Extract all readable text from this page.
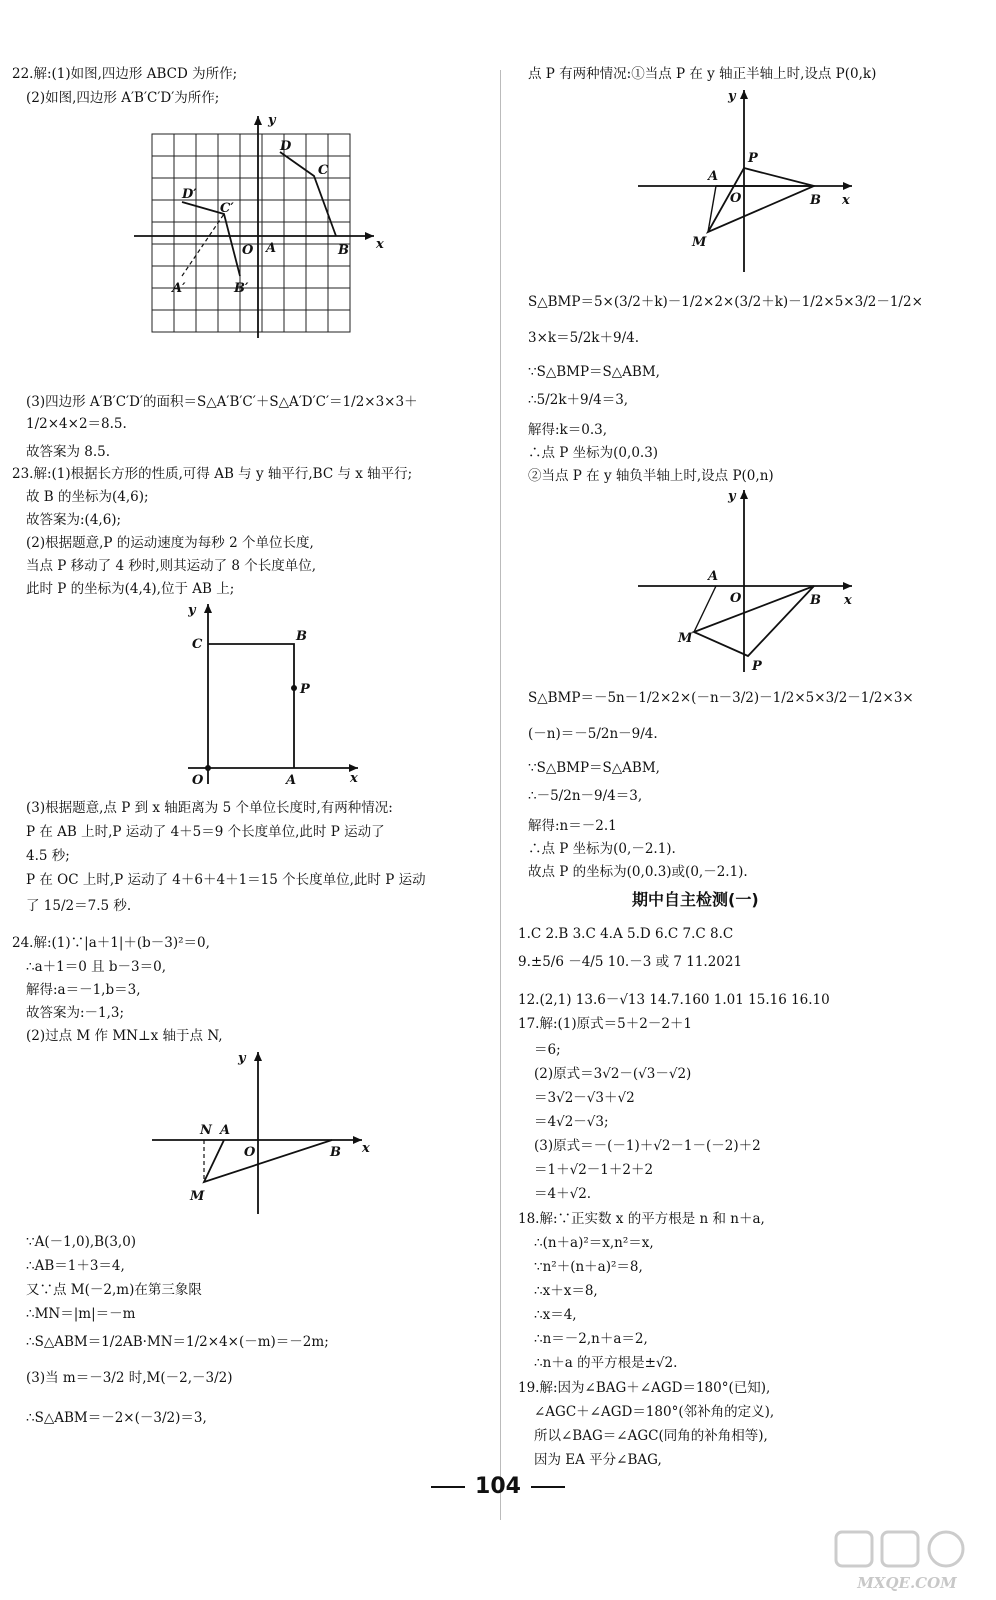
22.解:(1)如图,四边形 ABCD 为所作;
(2)如图,四边形 A′B′C′D′为所作;
y
D
C
D′
C′
O A	B x
A′	B′
(3)四边形 A′B′C′D′的面积＝S△A′B′C′＋S△A′D′C′＝1/2×3×3＋
1/2×4×2＝8.5.
故答案为 8.5.
23.解:(1)根据长方形的性质,可得 AB 与 y 轴平行,BC 与 x 轴平行;
故 B 的坐标为(4,6);
故答案为:(4,6);
(2)根据题意,P 的运动速度为每秒 2 个单位长度,
当点 P 移动了 4 秒时,则其运动了 8 个长度单位,
此时 P 的坐标为(4,4),位于 AB 上;
y
C
B
P
O	A	x
(3)根据题意,点 P 到 x 轴距离为 5 个单位长度时,有两种情况:
P 在 AB 上时,P 运动了 4＋5＝9 个长度单位,此时 P 运动了
4.5 秒;
P 在 OC 上时,P 运动了 4＋6＋4＋1＝15 个长度单位,此时 P 运动
了 15/2＝7.5 秒.
24.解:(1)∵|a＋1|＋(b－3)²＝0,
∴a＋1＝0 且 b－3＝0,
解得:a＝－1,b＝3,
故答案为:－1,3;
(2)过点 M 作 MN⊥x 轴于点 N,
y
N A
O	B x
M
∵A(－1,0),B(3,0)
∴AB＝1＋3＝4,
又∵点 M(－2,m)在第三象限
∴MN＝|m|＝－m
∴S△ABM＝1/2AB·MN＝1/2×4×(－m)＝－2m;
(3)当 m＝－3/2 时,M(－2,－3/2)
∴S△ABM＝－2×(－3/2)＝3,
点 P 有两种情况:①当点 P 在 y 轴正半轴上时,设点 P(0,k)
y
P
A
O	B x
M
S△BMP＝5×(3/2＋k)－1/2×2×(3/2＋k)－1/2×5×3/2－1/2×
3×k＝5/2k＋9/4.
∵S△BMP＝S△ABM,
∴5/2k＋9/4＝3,
解得:k＝0.3,
∴点 P 坐标为(0,0.3)
②当点 P 在 y 轴负半轴上时,设点 P(0,n)
y
A
O	B x
M
P
S△BMP＝－5n－1/2×2×(－n－3/2)－1/2×5×3/2－1/2×3×
(－n)＝－5/2n－9/4.
∵S△BMP＝S△ABM,
∴－5/2n－9/4＝3,
解得:n＝－2.1
∴点 P 坐标为(0,－2.1).
故点 P 的坐标为(0,0.3)或(0,－2.1).
期中自主检测(一)
1.C 2.B 3.C 4.A 5.D 6.C 7.C 8.C
9.±5/6 －4/5 10.－3 或 7 11.2021
12.(2,1) 13.6－√13 14.7.160 1.01 15.16 16.10
17.解:(1)原式＝5＋2－2＋1
＝6;
(2)原式＝3√2－(√3－√2)
＝3√2－√3＋√2
＝4√2－√3;
(3)原式＝－(－1)＋√2－1－(－2)＋2
＝1＋√2－1＋2＋2
＝4＋√2.
18.解:∵正实数 x 的平方根是 n 和 n＋a,
∴(n＋a)²＝x,n²＝x,
∵n²＋(n＋a)²＝8,
∴x＋x＝8,
∴x＝4,
∴n＝－2,n＋a＝2,
∴n＋a 的平方根是±√2.
19.解:因为∠BAG＋∠AGD＝180°(已知),
∠AGC＋∠AGD＝180°(邻补角的定义),
所以∠BAG＝∠AGC(同角的补角相等),
因为 EA 平分∠BAG,
104
MXQE.COM
